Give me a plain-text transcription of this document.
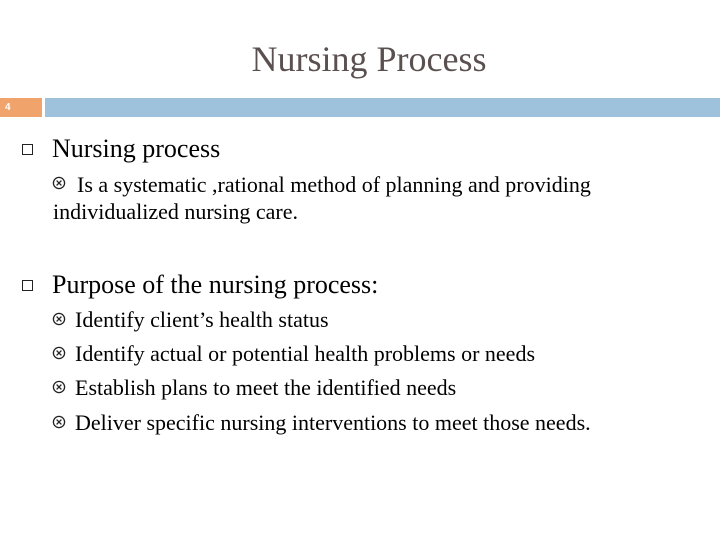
Nursing Process
4
Nursing process
Is a systematic ,rational method of planning and providing
individualized nursing care.
Purpose of the nursing process:
Identify client’s health status
Identify actual or potential health problems or needs
Establish plans to meet the identified needs
Deliver specific nursing interventions to meet those needs.
